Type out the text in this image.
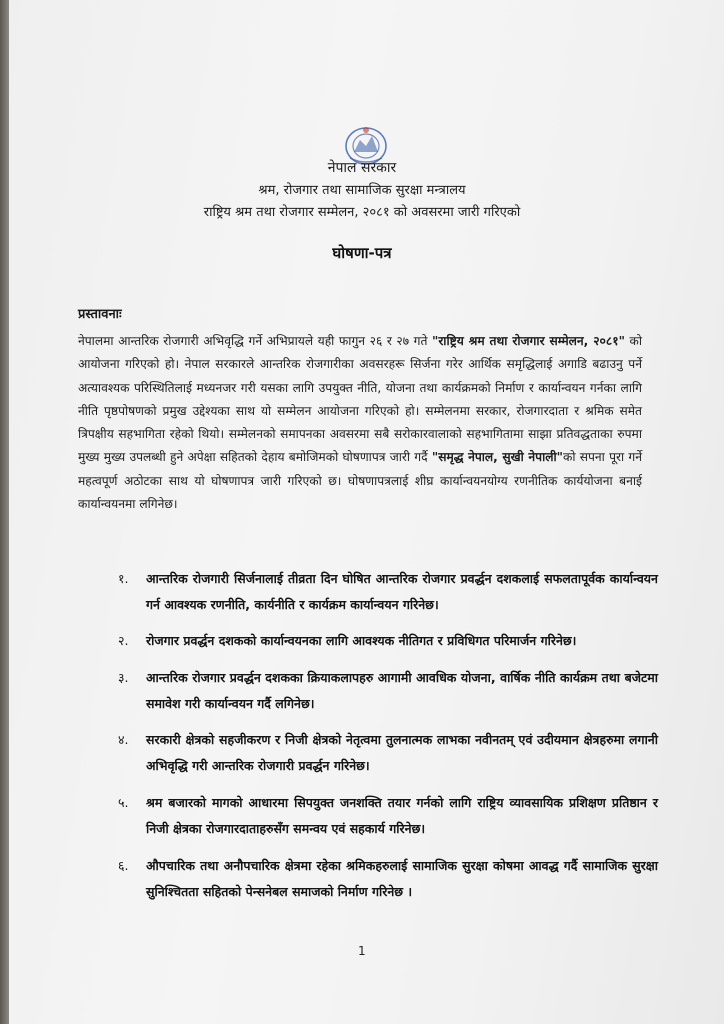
नेपाल सरकार
श्रम, रोजगार तथा सामाजिक सुरक्षा मन्त्रालय
राष्ट्रिय श्रम तथा रोजगार सम्मेलन, २०८१ को अवसरमा जारी गरिएको
घोषणा-पत्र
प्रस्तावनाः
नेपालमा आन्तरिक रोजगारी अभिवृद्धि गर्ने अभिप्रायले यही फागुन २६ र २७ गते "राष्ट्रिय श्रम तथा रोजगार सम्मेलन, २०८१" को आयोजना गरिएको हो। नेपाल सरकारले आन्तरिक रोजगारीका अवसरहरू सिर्जना गरेर आर्थिक समृद्धिलाई अगाडि बढाउनु पर्ने अत्यावश्यक परिस्थितिलाई मध्यनजर गरी यसका लागि उपयुक्त नीति, योजना तथा कार्यक्रमको निर्माण र कार्यान्वयन गर्नका लागि नीति पृष्ठपोषणको प्रमुख उद्देश्यका साथ यो सम्मेलन आयोजना गरिएको हो। सम्मेलनमा सरकार, रोजगारदाता र श्रमिक समेत त्रिपक्षीय सहभागिता रहेको थियो। सम्मेलनको समापनका अवसरमा सबै सरोकारवालाको सहभागितामा साझा प्रतिवद्धताका रुपमा मुख्य मुख्य उपलब्धी हुने अपेक्षा सहितको देहाय बमोजिमको घोषणापत्र जारी गर्दै "समृद्ध नेपाल, सुखी नेपाली"को सपना पूरा गर्ने महत्वपूर्ण अठोटका साथ यो घोषणापत्र जारी गरिएको छ। घोषणापत्रलाई शीघ्र कार्यान्वयनयोग्य रणनीतिक कार्ययोजना बनाई कार्यान्वयनमा लगिनेछ।
१.	आन्तरिक रोजगारी सिर्जनालाई तीव्रता दिन घोषित आन्तरिक रोजगार प्रवर्द्धन दशकलाई सफलतापूर्वक कार्यान्वयन गर्न आवश्यक रणनीति, कार्यनीति र कार्यक्रम कार्यान्वयन गरिनेछ।
२.	रोजगार प्रवर्द्धन दशकको कार्यान्वयनका लागि आवश्यक नीतिगत र प्रविधिगत परिमार्जन गरिनेछ।
३.	आन्तरिक रोजगार प्रवर्द्धन दशकका क्रियाकलापहरु आगामी आवधिक योजना, वार्षिक नीति कार्यक्रम तथा बजेटमा समावेश गरी कार्यान्वयन गर्दै लगिनेछ।
४.	सरकारी क्षेत्रको सहजीकरण र निजी क्षेत्रको नेतृत्वमा तुलनात्मक लाभका नवीनतम् एवं उदीयमान क्षेत्रहरुमा लगानी अभिवृद्धि गरी आन्तरिक रोजगारी प्रवर्द्धन गरिनेछ।
५.	श्रम बजारको मागको आधारमा सिपयुक्त जनशक्ति तयार गर्नको लागि राष्ट्रिय व्यावसायिक प्रशिक्षण प्रतिष्ठान र निजी क्षेत्रका रोजगारदाताहरुसँग समन्वय एवं सहकार्य गरिनेछ।
६.	औपचारिक तथा अनौपचारिक क्षेत्रमा रहेका श्रमिकहरुलाई सामाजिक सुरक्षा कोषमा आवद्ध गर्दै सामाजिक सुरक्षा सुनिश्चितता सहितको पेन्सनेबल समाजको निर्माण गरिनेछ ।
1
